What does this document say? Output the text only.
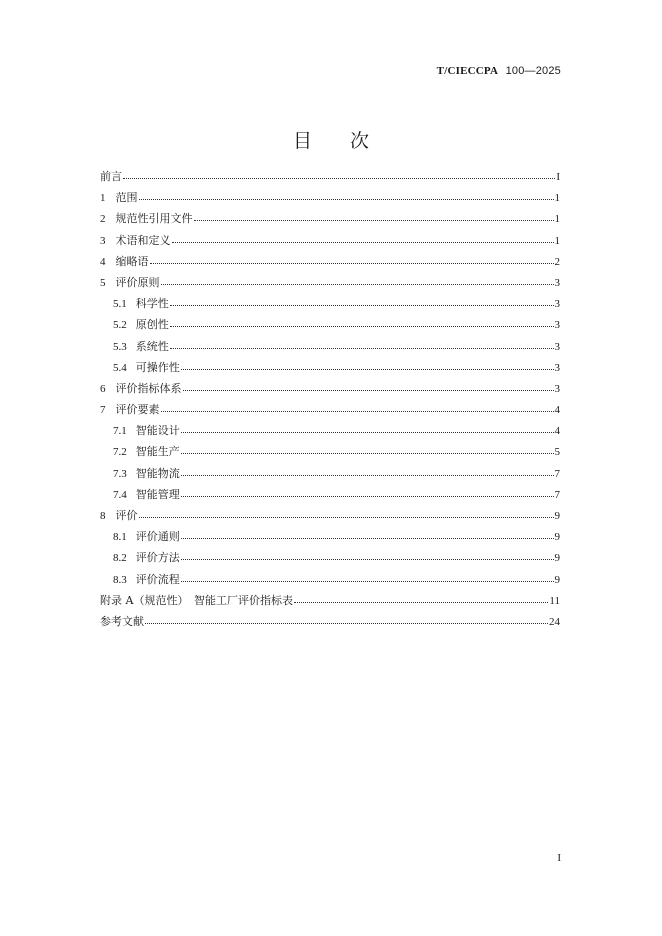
T/CIECCPA 100—2025
目　　次
前言	I
1 范围	1
2 规范性引用文件	1
3 术语和定义	1
4 缩略语	2
5 评价原则	3
5.1 科学性	3
5.2 原创性	3
5.3 系统性	3
5.4 可操作性	3
6 评价指标体系	3
7 评价要素	4
7.1 智能设计	4
7.2 智能生产	5
7.3 智能物流	7
7.4 智能管理	7
8 评价	9
8.1 评价通则	9
8.2 评价方法	9
8.3 评价流程	9
附录 A（规范性）　智能工厂评价指标表	11
参考文献	24
I
